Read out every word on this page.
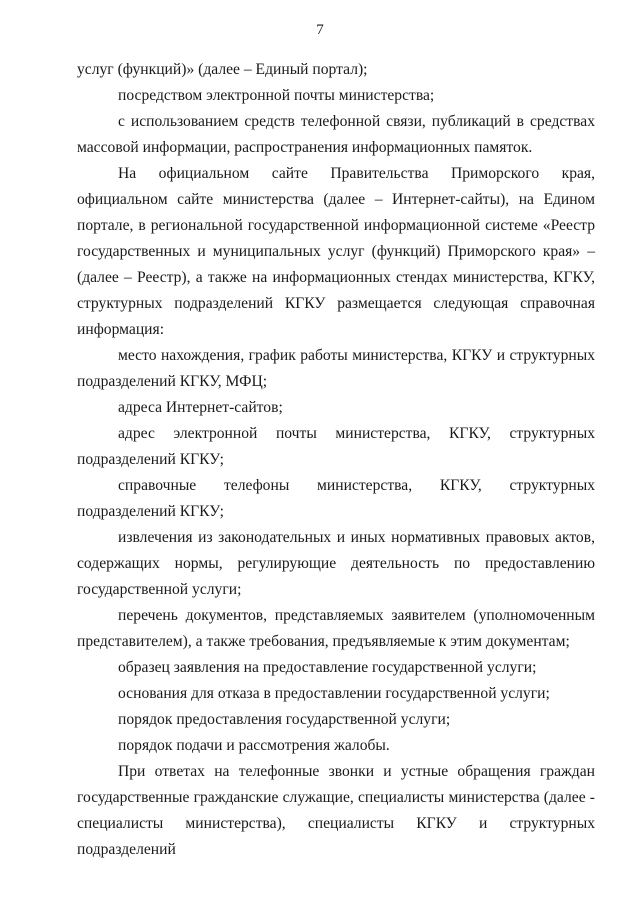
7

услуг (функций)» (далее – Единый портал);

посредством электронной почты министерства;

с использованием средств телефонной связи, публикаций в средствах массовой информации, распространения информационных памяток.

На официальном сайте Правительства Приморского края, официальном сайте министерства (далее – Интернет-сайты), на Едином портале, в региональной государственной информационной системе «Реестр государственных и муниципальных услуг (функций) Приморского края» – (далее – Реестр), а также на информационных стендах министерства, КГКУ, структурных подразделений КГКУ размещается следующая справочная информация:

место нахождения, график работы министерства, КГКУ и структурных подразделений КГКУ, МФЦ;

адреса Интернет-сайтов;

адрес электронной почты министерства, КГКУ, структурных подразделений КГКУ;

справочные телефоны министерства, КГКУ, структурных подразделений КГКУ;

извлечения из законодательных и иных нормативных правовых актов, содержащих нормы, регулирующие деятельность по предоставлению государственной услуги;

перечень документов, представляемых заявителем (уполномоченным представителем), а также требования, предъявляемые к этим документам;

образец заявления на предоставление государственной услуги;

основания для отказа в предоставлении государственной услуги;

порядок предоставления государственной услуги;

порядок подачи и рассмотрения жалобы.

При ответах на телефонные звонки и устные обращения граждан государственные гражданские служащие, специалисты министерства (далее - специалисты министерства), специалисты КГКУ и структурных подразделений
